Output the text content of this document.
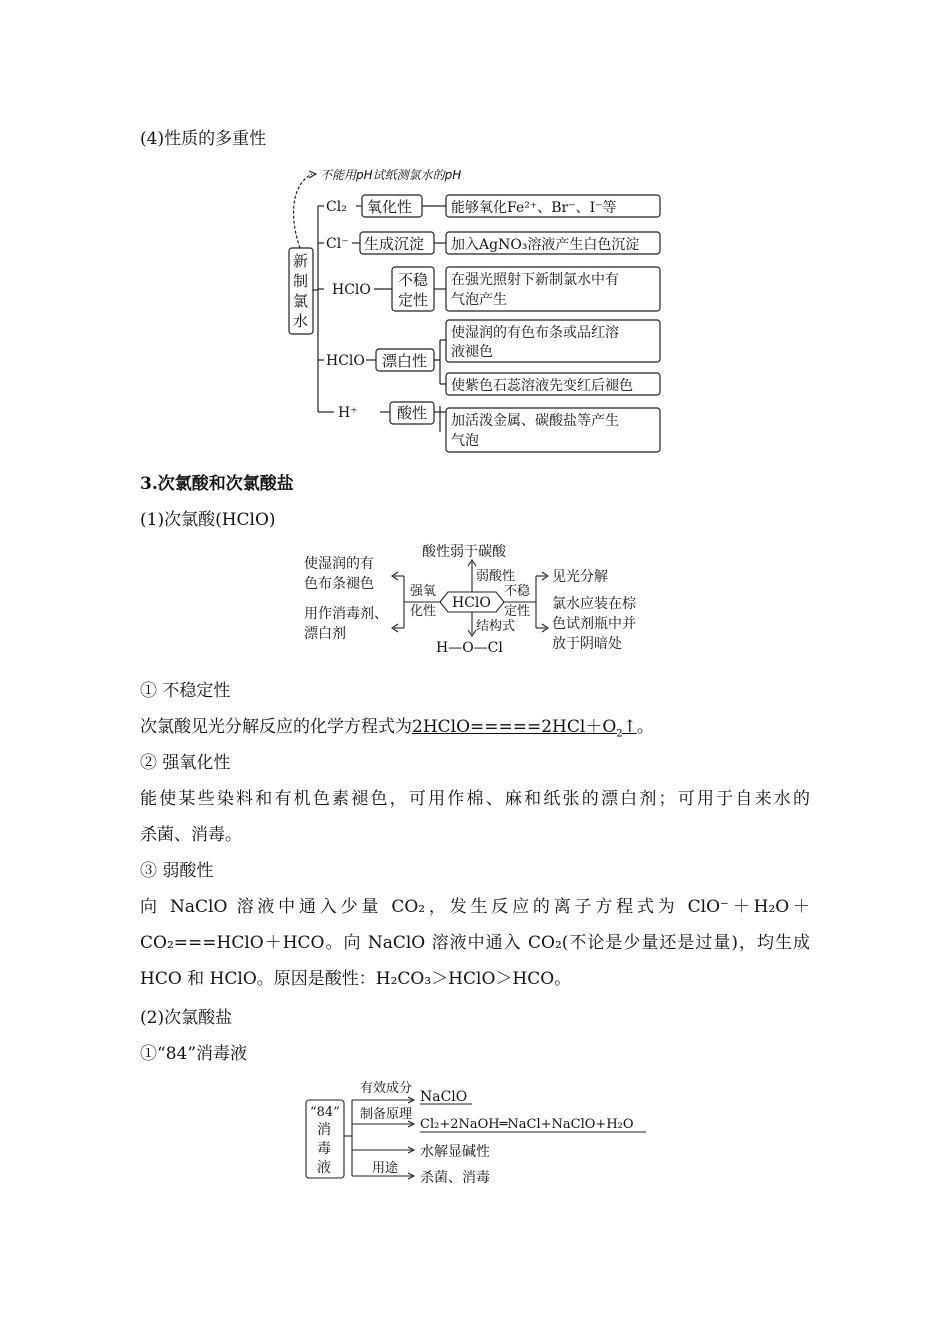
(4)性质的多重性
新
制
氯
水
不能用pH试纸测氯水的pH
Cl₂ 氧化性	能够氧化Fe²⁺、Br⁻、I⁻等
Cl⁻ 生成沉淀 加入AgNO₃溶液产生白色沉淀
HClO
不稳
定性
在强光照射下新制氯水中有
气泡产生
HClO 漂白性
使湿润的有色布条或品红溶
液褪色
使紫色石蕊溶液先变红后褪色
H⁺	酸性 加活泼金属、碳酸盐等产生
气泡
3.次氯酸和次氯酸盐
(1)次氯酸(HClO)
HClO
酸性弱于碳酸
弱酸性
强氧
化性
不稳
定性
结构式
H—O—Cl
使湿润的有
色布条褪色
用作消毒剂、
漂白剂
见光分解
氯水应装在棕
色试剂瓶中并
放于阴暗处
① 不稳定性
次氯酸见光分解反应的化学方程式为$2HClO=====2HCl+O_2↑$。
② 强氧化性
能使某些染料和有机色素褪色，可用作棉、麻和纸张的漂白剂；可用于自来水的
杀菌、消毒。
③ 弱酸性
向 NaClO 溶液中通入少量 CO₂，发生反应的离子方程式为 ClO⁻＋H₂O＋
CO₂===HClO＋HCO。向 NaClO 溶液中通入 CO₂(不论是少量还是过量)，均生成
HCO 和 HClO。原因是酸性：H₂CO₃＞HClO＞HCO。
(2)次氯酸盐
①“84”消毒液
“84”
消
毒
液
有效成分
NaClO
制备原理
Cl₂+2NaOH═NaCl+NaClO+H₂O
水解显碱性
用途
杀菌、消毒
